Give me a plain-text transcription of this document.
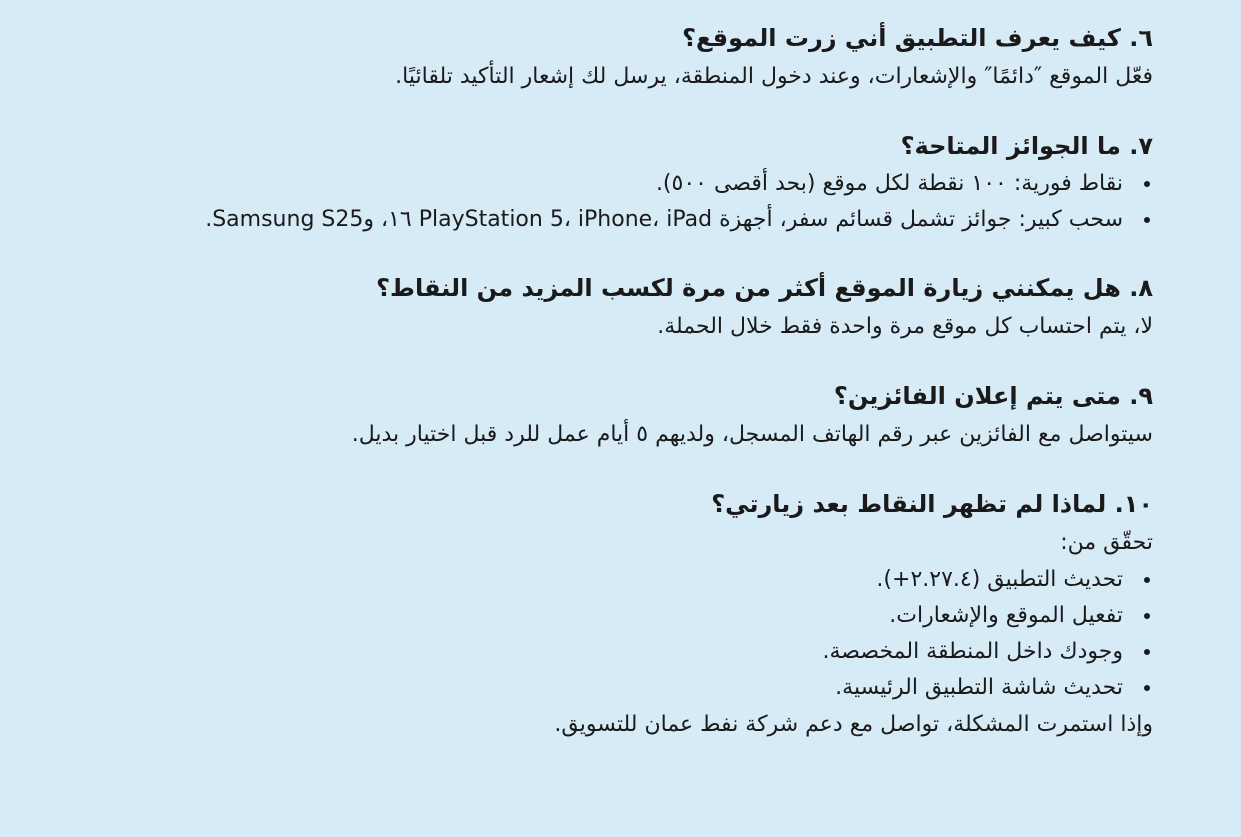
٦. كيف يعرف التطبيق أني زرت الموقع؟

فعّل الموقع ″دائمًا″ والإشعارات، وعند دخول المنطقة، يرسل لك إشعار التأكيد تلقائيًا.

٧. ما الجوائز المتاحة؟

نقاط فورية: ١٠٠ نقطة لكل موقع (بحد أقصى ٥٠٠).
سحب كبير: جوائز تشمل قسائم سفر، أجهزة PlayStation 5، iPhone، iPad ١٦، وSamsung S25.

٨. هل يمكنني زيارة الموقع أكثر من مرة لكسب المزيد من النقاط؟

لا، يتم احتساب كل موقع مرة واحدة فقط خلال الحملة.

٩. متى يتم إعلان الفائزين؟

سيتواصل مع الفائزين عبر رقم الهاتف المسجل، ولديهم ٥ أيام عمل للرد قبل اختيار بديل.

١٠. لماذا لم تظهر النقاط بعد زيارتي؟

تحقّق من:

تحديث التطبيق (٢.٢٧.٤+).
تفعيل الموقع والإشعارات.
وجودك داخل المنطقة المخصصة.
تحديث شاشة التطبيق الرئيسية.

وإذا استمرت المشكلة، تواصل مع دعم شركة نفط عمان للتسويق.
